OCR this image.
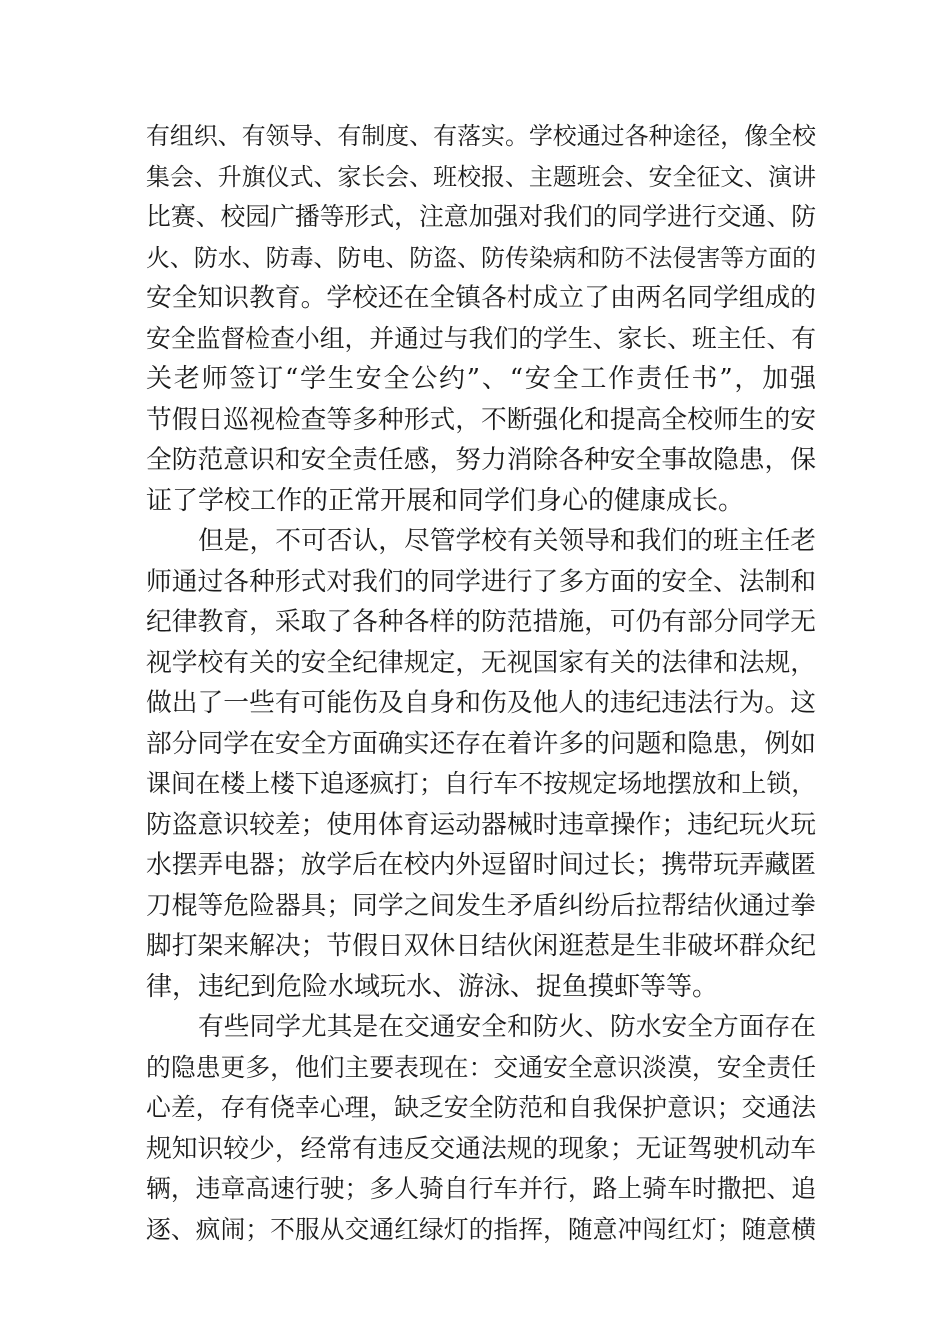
有组织、有领导、有制度、有落实。学校通过各种途径，像全校
集会、升旗仪式、家长会、班校报、主题班会、安全征文、演讲
比赛、校园广播等形式，注意加强对我们的同学进行交通、防
火、防水、防毒、防电、防盗、防传染病和防不法侵害等方面的
安全知识教育。学校还在全镇各村成立了由两名同学组成的
安全监督检查小组，并通过与我们的学生、家长、班主任、有
关老师签订“学生安全公约”、“安全工作责任书”，加强
节假日巡视检查等多种形式，不断强化和提高全校师生的安
全防范意识和安全责任感，努力消除各种安全事故隐患，保
证了学校工作的正常开展和同学们身心的健康成长。
但是，不可否认，尽管学校有关领导和我们的班主任老
师通过各种形式对我们的同学进行了多方面的安全、法制和
纪律教育，采取了各种各样的防范措施，可仍有部分同学无
视学校有关的安全纪律规定，无视国家有关的法律和法规，
做出了一些有可能伤及自身和伤及他人的违纪违法行为。这
部分同学在安全方面确实还存在着许多的问题和隐患，例如
课间在楼上楼下追逐疯打；自行车不按规定场地摆放和上锁，
防盗意识较差；使用体育运动器械时违章操作；违纪玩火玩
水摆弄电器；放学后在校内外逗留时间过长；携带玩弄藏匿
刀棍等危险器具；同学之间发生矛盾纠纷后拉帮结伙通过拳
脚打架来解决；节假日双休日结伙闲逛惹是生非破坏群众纪
律，违纪到危险水域玩水、游泳、捉鱼摸虾等等。
有些同学尤其是在交通安全和防火、防水安全方面存在
的隐患更多，他们主要表现在：交通安全意识淡漠，安全责任
心差，存有侥幸心理，缺乏安全防范和自我保护意识；交通法
规知识较少，经常有违反交通法规的现象；无证驾驶机动车
辆，违章高速行驶；多人骑自行车并行，路上骑车时撒把、追
逐、疯闹；不服从交通红绿灯的指挥，随意冲闯红灯；随意横
